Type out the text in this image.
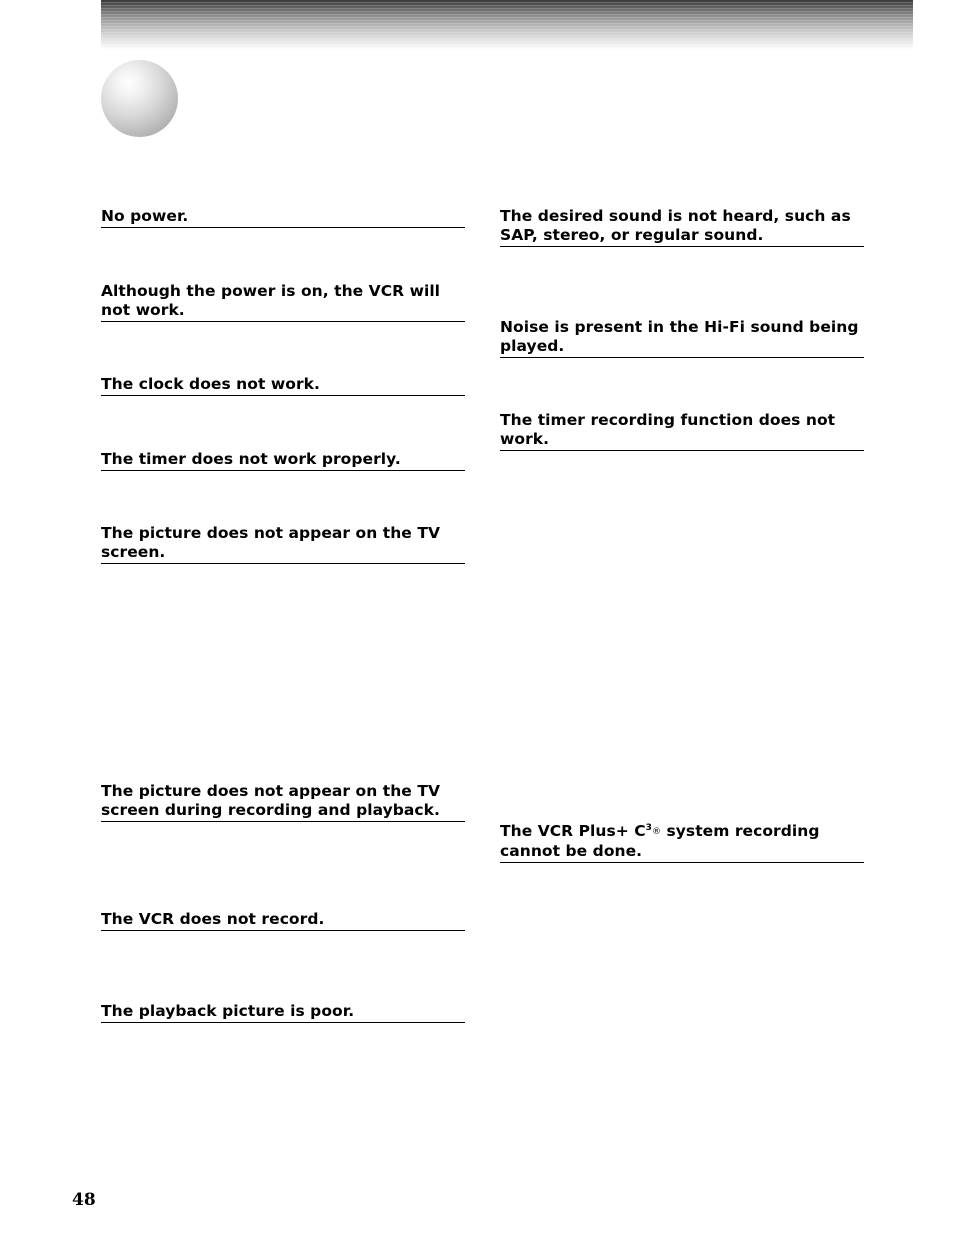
No power.
Although the power is on, the VCR will not work.
The clock does not work.
The timer does not work properly.
The picture does not appear on the TV screen.
The picture does not appear on the TV screen during recording and playback.
The VCR does not record.
The playback picture is poor.
The desired sound is not heard, such as SAP, stereo, or regular sound.
Noise is present in the Hi-Fi sound being played.
The timer recording function does not work.
The VCR Plus+ $C^3®$ system recording cannot be done.
48
